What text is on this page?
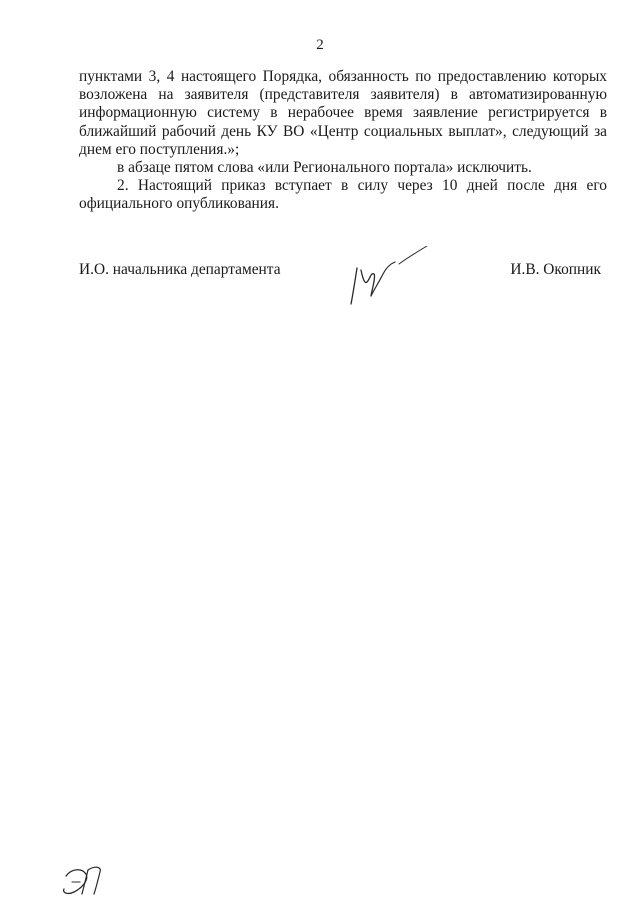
2

пунктами 3, 4 настоящего Порядка, обязанность по предоставлению которых возложена на заявителя (представителя заявителя) в автоматизированную информационную систему в нерабочее время заявление регистрируется в ближайший рабочий день КУ ВО «Центр социальных выплат», следующий за днем его поступления.»;

в абзаце пятом слова «или Регионального портала» исключить.

2. Настоящий приказ вступает в силу через 10 дней после дня его официального опубликования.

И.О. начальника департамента	И.В. Окопник
